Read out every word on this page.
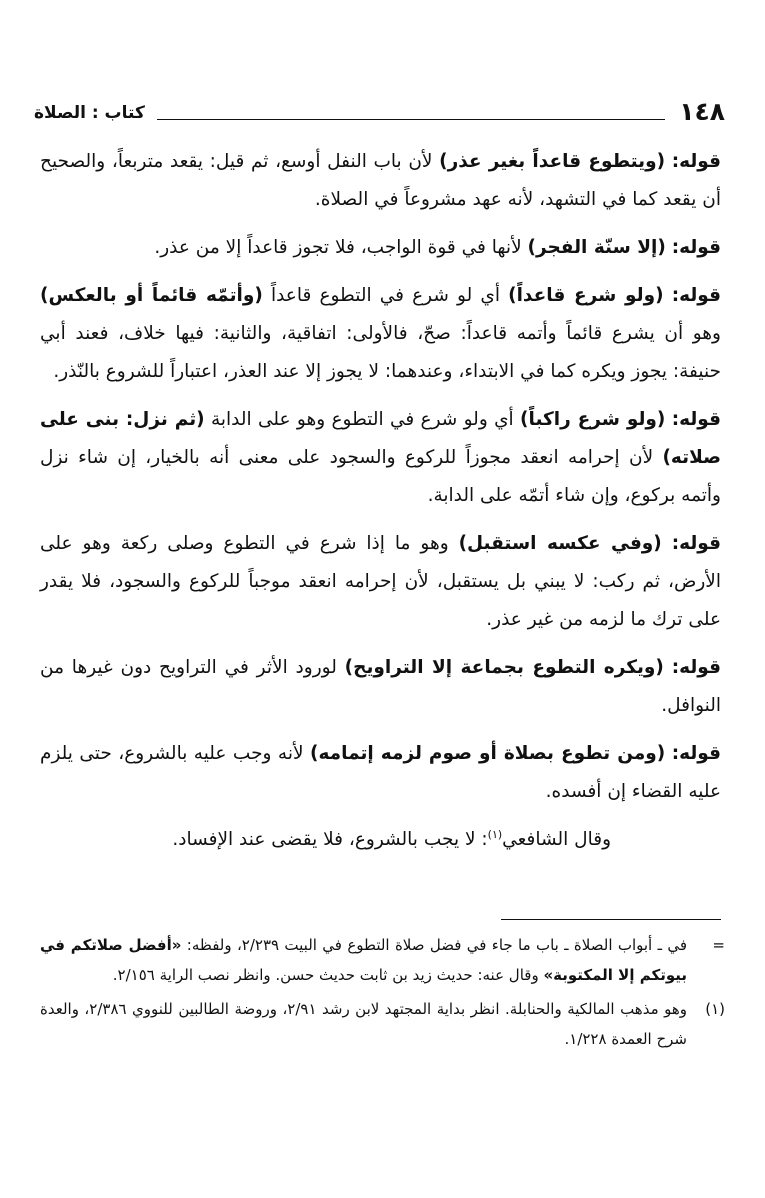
١٤٨
كتاب : الصلاة

قوله: (ويتطوع قاعداً بغير عذر) لأن باب النفل أوسع، ثم قيل: يقعد متربعاً، والصحيح أن يقعد كما في التشهد، لأنه عهد مشروعاً في الصلاة.

قوله: (إلا سنّة الفجر) لأنها في قوة الواجب، فلا تجوز قاعداً إلا من عذر.

قوله: (ولو شرع قاعداً) أي لو شرع في التطوع قاعداً (وأتمّه قائماً أو بالعكس) وهو أن يشرع قائماً وأتمه قاعداً: صحّ، فالأولى: اتفاقية، والثانية: فيها خلاف، فعند أبي حنيفة: يجوز ويكره كما في الابتداء، وعندهما: لا يجوز إلا عند العذر، اعتباراً للشروع بالنّذر.

قوله: (ولو شرع راكباً) أي ولو شرع في التطوع وهو على الدابة (ثم نزل: بنى على صلاته) لأن إحرامه انعقد مجوزاً للركوع والسجود على معنى أنه بالخيار، إن شاء نزل وأتمه بركوع، وإن شاء أتمّه على الدابة.

قوله: (وفي عكسه استقبل) وهو ما إذا شرع في التطوع وصلى ركعة وهو على الأرض، ثم ركب: لا يبني بل يستقبل، لأن إحرامه انعقد موجباً للركوع والسجود، فلا يقدر على ترك ما لزمه من غير عذر.

قوله: (ويكره التطوع بجماعة إلا التراويح) لورود الأثر في التراويح دون غيرها من النوافل.

قوله: (ومن تطوع بصلاة أو صوم لزمه إتمامه) لأنه وجب عليه بالشروع، حتى يلزم عليه القضاء إن أفسده.

وقال الشافعي$^{(١)}$: لا يجب بالشروع، فلا يقضى عند الإفساد.

=
في ـ أبواب الصلاة ـ باب ما جاء في فضل صلاة التطوع في البيت ٢/٢٣٩، ولفظه: «أفضل صلاتكم في بيوتكم إلا المكتوبة» وقال عنه: حديث زيد بن ثابت حديث حسن. وانظر نصب الراية ٢/١٥٦.
(١)
وهو مذهب المالكية والحنابلة. انظر بداية المجتهد لابن رشد ٢/٩١، وروضة الطالبين للنووي ٢/٣٨٦، والعدة شرح العمدة ١/٢٢٨.
